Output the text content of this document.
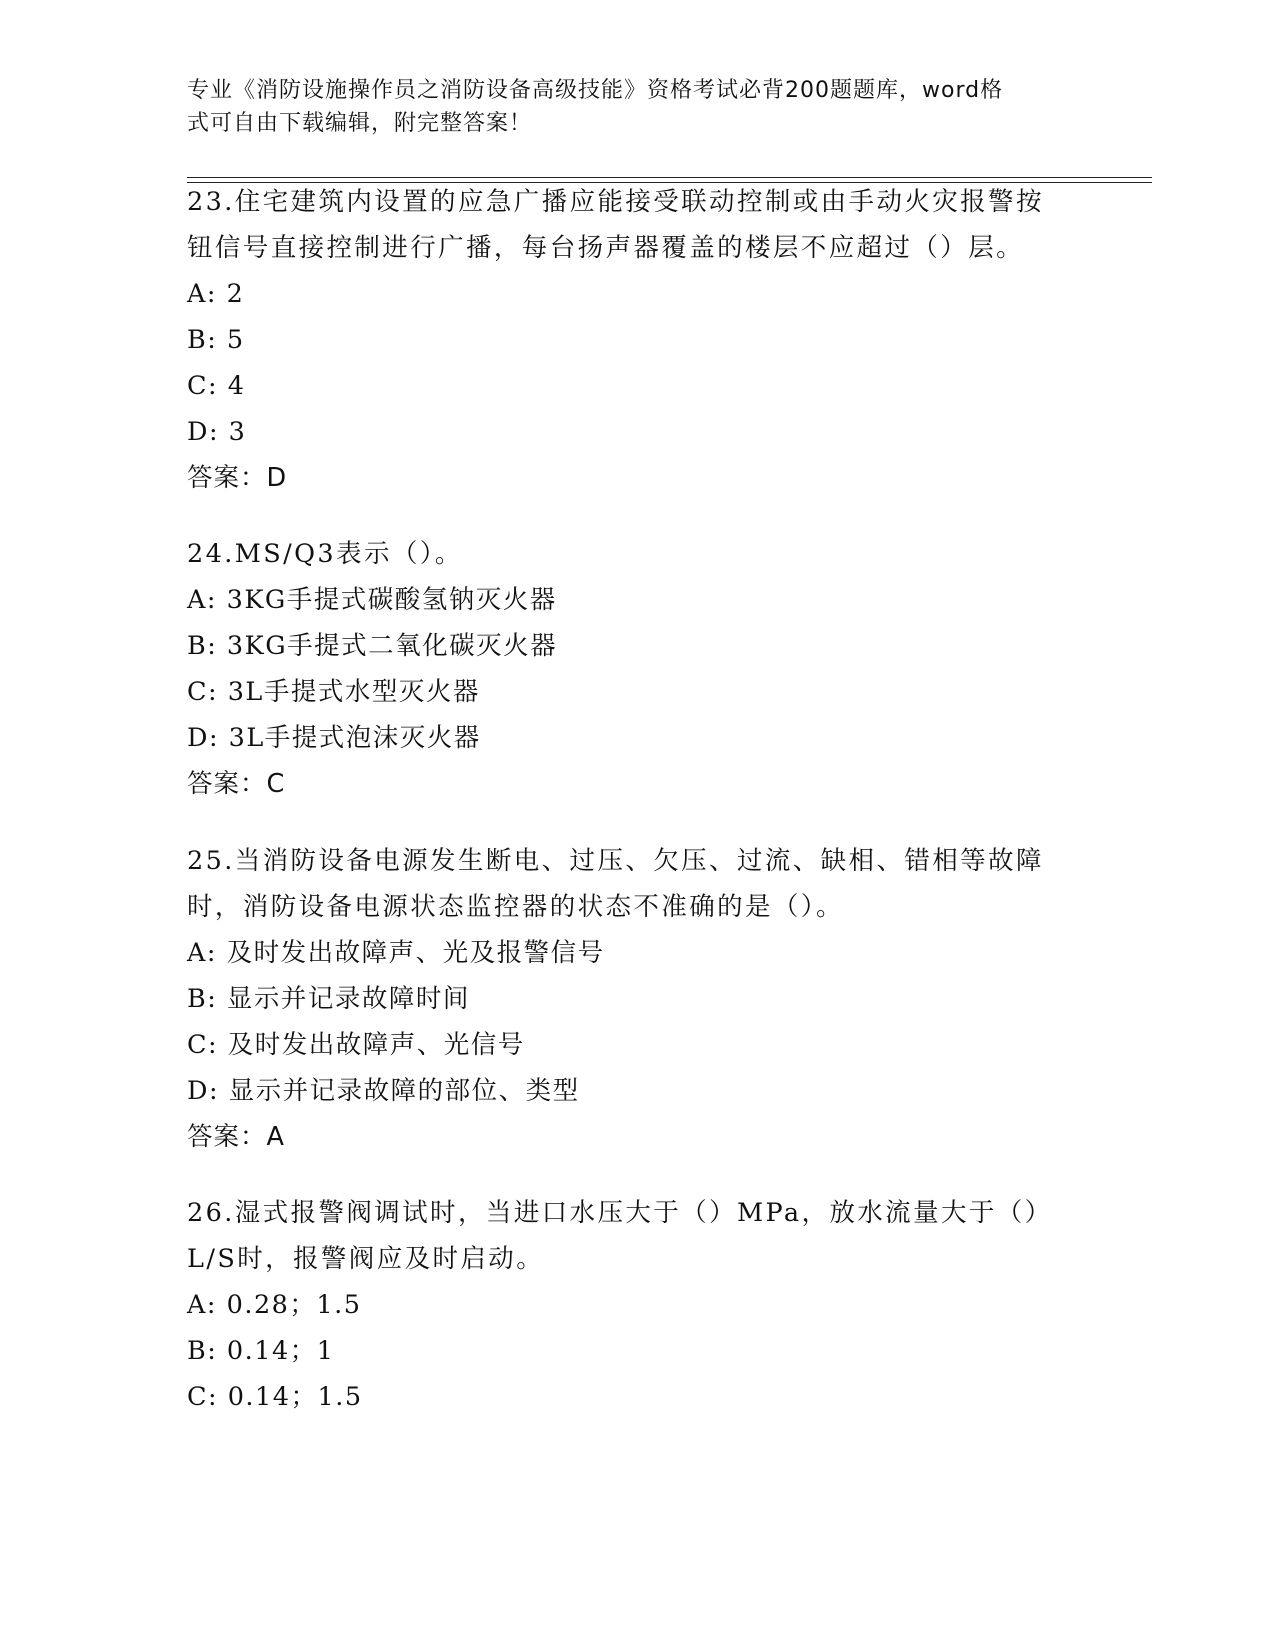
专业《消防设施操作员之消防设备高级技能》资格考试必背200题题库，word格
式可自由下载编辑，附完整答案！

23.住宅建筑内设置的应急广播应能接受联动控制或由手动火灾报警按

钮信号直接控制进行广播，每台扬声器覆盖的楼层不应超过（）层。

A: 2

B: 5

C: 4

D: 3

答案：D

24.MS/Q3表示（）。

A: 3KG手提式碳酸氢钠灭火器

B: 3KG手提式二氧化碳灭火器

C: 3L手提式水型灭火器

D: 3L手提式泡沫灭火器

答案：C

25.当消防设备电源发生断电、过压、欠压、过流、缺相、错相等故障

时，消防设备电源状态监控器的状态不准确的是（）。

A: 及时发出故障声、光及报警信号

B: 显示并记录故障时间

C: 及时发出故障声、光信号

D: 显示并记录故障的部位、类型

答案：A

26.湿式报警阀调试时，当进口水压大于（）MPa，放水流量大于（）

L/S时，报警阀应及时启动。

A: 0.28；1.5

B: 0.14；1

C: 0.14；1.5
